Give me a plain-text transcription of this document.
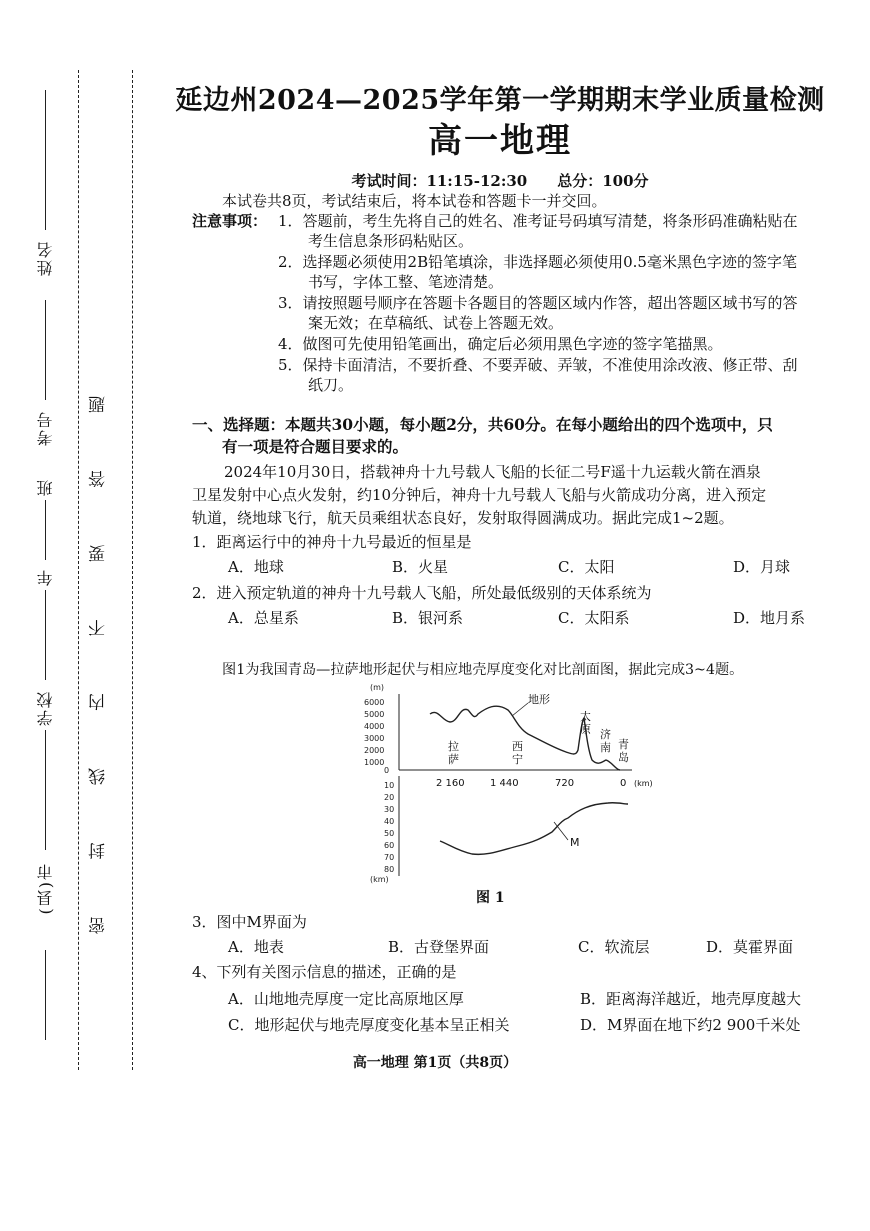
姓名
考号
班
年
学校
(县)市 密 封 线 内 不 要 答 题
延边州2024—2025学年第一学期期末学业质量检测
高一地理
考试时间：11:15-12:30　　总分：100分
本试卷共8页，考试结束后，将本试卷和答题卡一并交回。
注意事项： 1．答题前，考生先将自己的姓名、准考证号码填写清楚，将条形码准确粘贴在
考生信息条形码粘贴区。
2．选择题必须使用2B铅笔填涂，非选择题必须使用0.5毫米黑色字迹的签字笔
书写，字体工整、笔迹清楚。
3．请按照题号顺序在答题卡各题目的答题区域内作答，超出答题区域书写的答
案无效；在草稿纸、试卷上答题无效。
4．做图可先使用铅笔画出，确定后必须用黑色字迹的签字笔描黑。
5．保持卡面清洁，不要折叠、不要弄破、弄皱，不准使用涂改液、修正带、刮
纸刀。
一、选择题：本题共30小题，每小题2分，共60分。在每小题给出的四个选项中，只
有一项是符合题目要求的。
2024年10月30日，搭载神舟十九号载人飞船的长征二号F遥十九运载火箭在酒泉
卫星发射中心点火发射，约10分钟后，神舟十九号载人飞船与火箭成功分离，进入预定
轨道，绕地球飞行，航天员乘组状态良好，发射取得圆满成功。据此完成1~2题。
1．距离运行中的神舟十九号最近的恒星是
A．地球	B．火星	C．太阳	D．月球
2．进入预定轨道的神舟十九号载人飞船，所处最低级别的天体系统为
A．总星系	B．银河系	C．太阳系	D．地月系
图1为我国青岛—拉萨地形起伏与相应地壳厚度变化对比剖面图，据此完成3~4题。
(m)
6000
5000
4000
3000
2000
1000
0
地形
拉
萨
西
宁
太
原 济
南 青
岛
2 160	1 440	720	0 (km)
10
20
30
40
50
60
70
80
(km)
M
图 1
3．图中M界面为
A．地表	B．古登堡界面	C．软流层	D．莫霍界面
4、下列有关图示信息的描述，正确的是
A．山地地壳厚度一定比高原地区厚	B．距离海洋越近，地壳厚度越大
C．地形起伏与地壳厚度变化基本呈正相关	D．M界面在地下约2 900千米处
高一地理 第1页（共8页）
